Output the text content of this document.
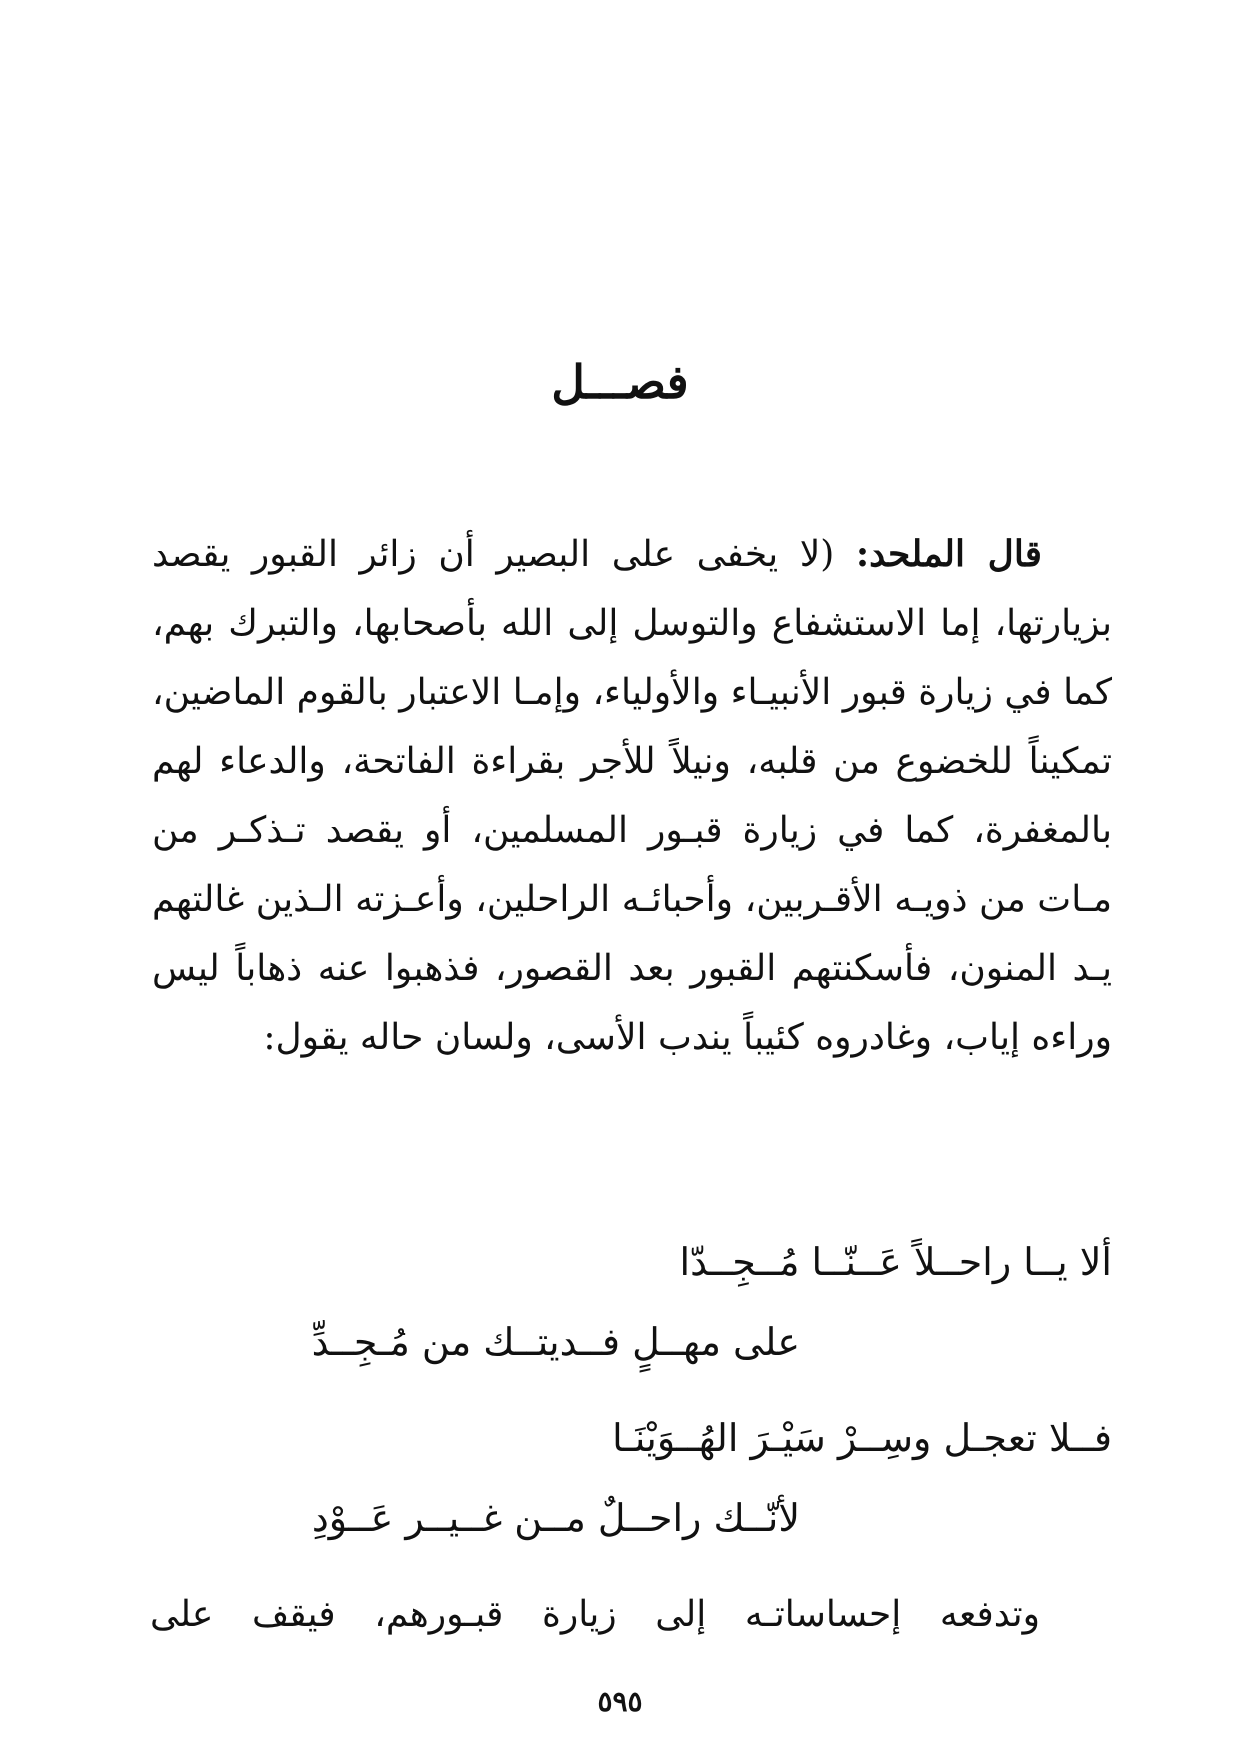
فصـــل

قال الملحد: (لا يخفى على البصير أن زائر القبور يقصد بزيارتها، إما الاستشفاع والتوسل إلى الله بأصحابها، والتبرك بهم، كما في زيارة قبور الأنبيـاء والأولياء، وإمـا الاعتبار بالقوم الماضين، تمكيناً للخضوع من قلبه، ونيلاً للأجر بقراءة الفاتحة، والدعاء لهم بالمغفرة، كما في زيارة قبـور المسلمين، أو يقصد تـذكـر من مـات من ذويـه الأقـربين، وأحبائـه الراحلين، وأعـزته الـذين غالتهم يـد المنون، فأسكنتهم القبور بعد القصور، فذهبوا عنه ذهاباً ليس وراءه إياب، وغادروه كئيباً يندب الأسى، ولسان حاله يقول:

ألا يــا راحــلاً عَــنّــا مُــجِــدّا
على مهــلٍ فــديتــك من مُـجِــدِّ
فــلا تعجـل وسِــرْ سَيْـرَ الهُــوَيْنَـا
لأنّــك راحــلٌ مــن غــيــر عَــوْدِ
وتدفعه إحساساتـه إلى زيارة قبـورهم، فيقف على
٥٩٥
